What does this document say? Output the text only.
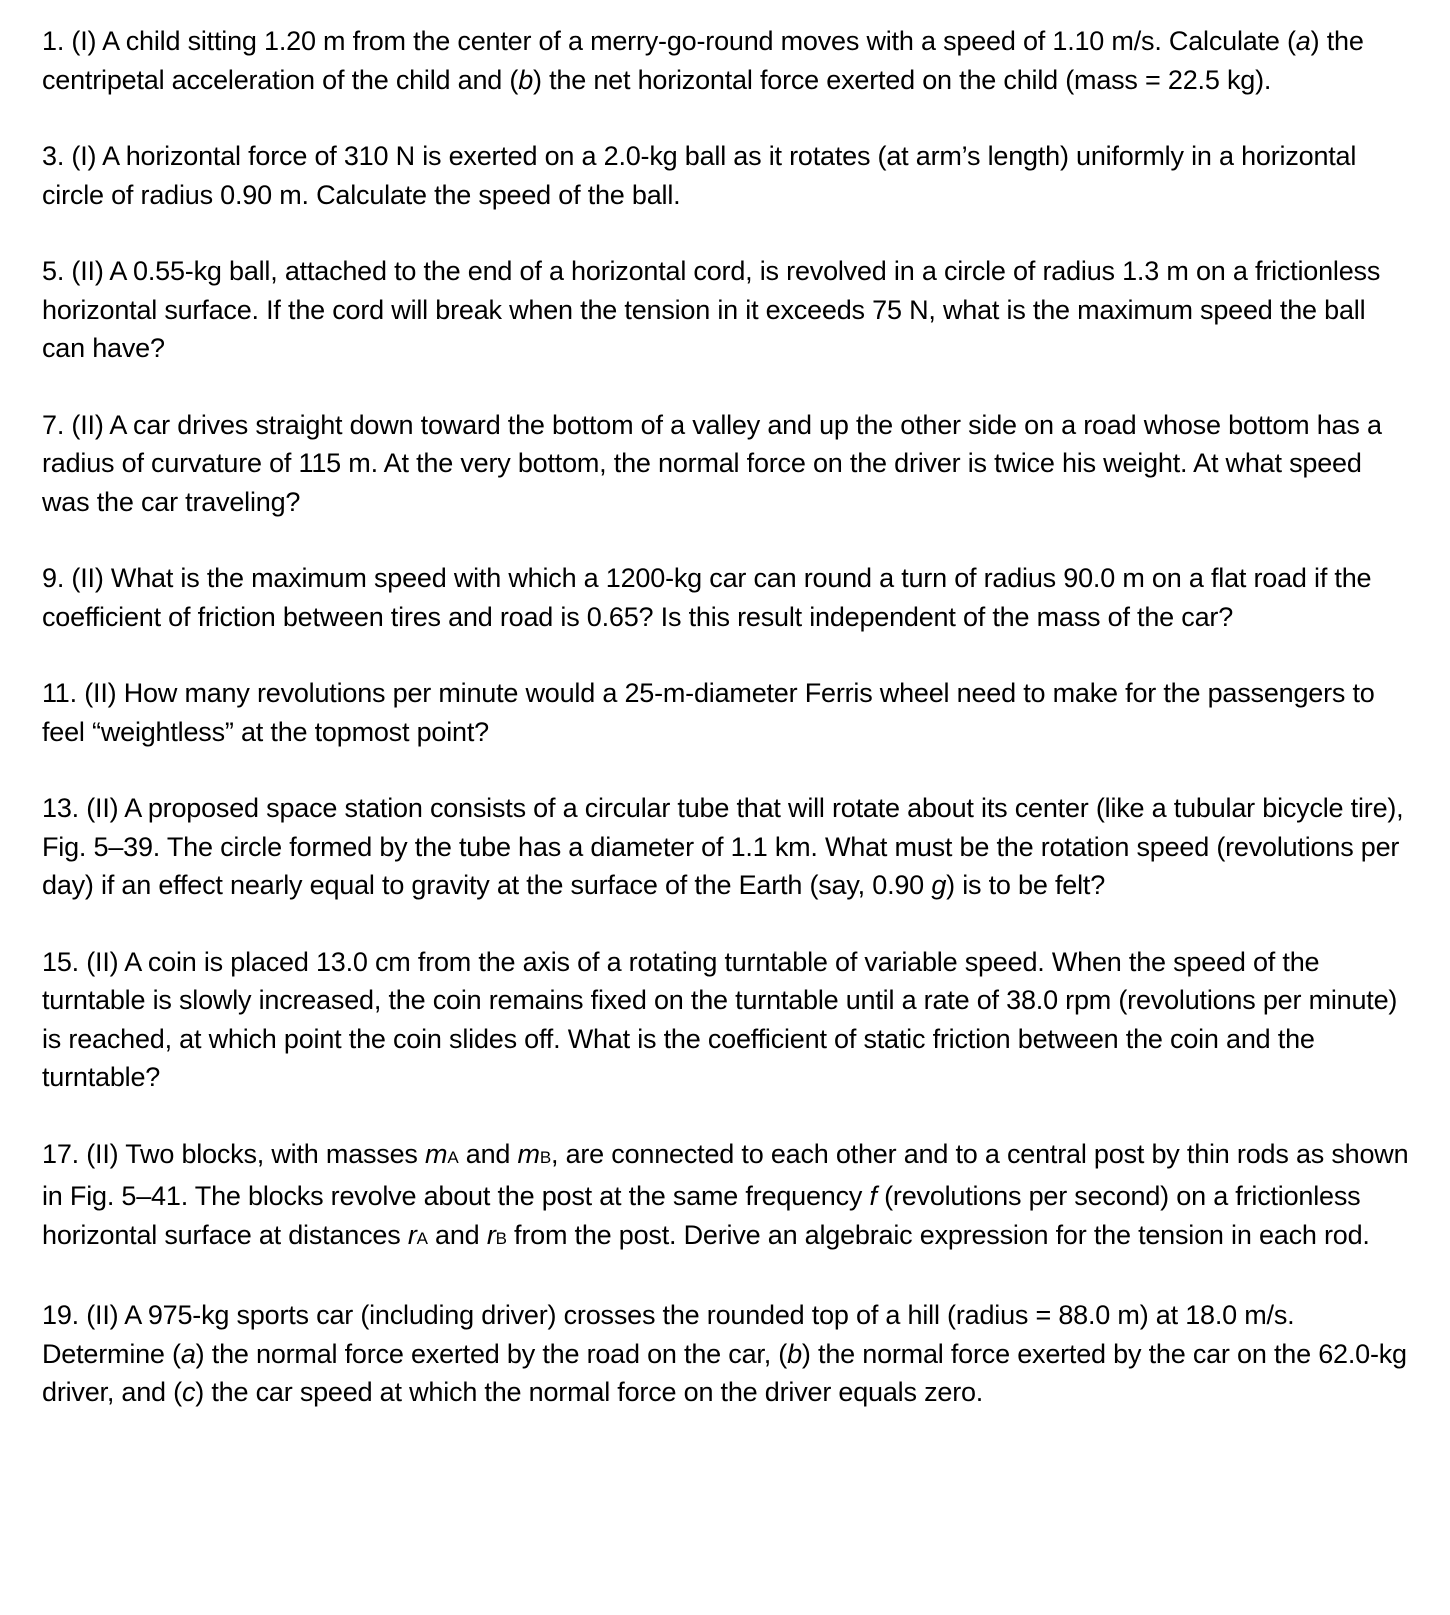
1. (I) A child sitting 1.20 m from the center of a merry-go-round moves with a speed of 1.10 m/s. Calculate (a) the centripetal acceleration of the child and (b) the net horizontal force exerted on the child (mass = 22.5 kg).

3. (I) A horizontal force of 310 N is exerted on a 2.0-kg ball as it rotates (at arm’s length) uniformly in a horizontal circle of radius 0.90 m. Calculate the speed of the ball.

5. (II) A 0.55-kg ball, attached to the end of a horizontal cord, is revolved in a circle of radius 1.3 m on a frictionless horizontal surface. If the cord will break when the tension in it exceeds 75 N, what is the maximum speed the ball can have?

7. (II) A car drives straight down toward the bottom of a valley and up the other side on a road whose bottom has a radius of curvature of 115 m. At the very bottom, the normal force on the driver is twice his weight. At what speed was the car traveling?

9. (II) What is the maximum speed with which a 1200-kg car can round a turn of radius 90.0 m on a flat road if the coefficient of friction between tires and road is 0.65? Is this result independent of the mass of the car?

11. (II) How many revolutions per minute would a 25-m-diameter Ferris wheel need to make for the passengers to feel “weightless” at the topmost point?

13. (II) A proposed space station consists of a circular tube that will rotate about its center (like a tubular bicycle tire), Fig. 5–39. The circle formed by the tube has a diameter of 1.1 km. What must be the rotation speed (revolutions per day) if an effect nearly equal to gravity at the surface of the Earth (say, 0.90 g) is to be felt?

15. (II) A coin is placed 13.0 cm from the axis of a rotating turntable of variable speed. When the speed of the turntable is slowly increased, the coin remains fixed on the turntable until a rate of 38.0 rpm (revolutions per minute) is reached, at which point the coin slides off. What is the coefficient of static friction between the coin and the turntable?

17. (II) Two blocks, with masses mA and mB, are connected to each other and to a central post by thin rods as shown in Fig. 5–41. The blocks revolve about the post at the same frequency f (revolutions per second) on a frictionless horizontal surface at distances rA and rB from the post. Derive an algebraic expression for the tension in each rod.

19. (II) A 975-kg sports car (including driver) crosses the rounded top of a hill (radius = 88.0 m) at 18.0 m/s. Determine (a) the normal force exerted by the road on the car, (b) the normal force exerted by the car on the 62.0-kg driver, and (c) the car speed at which the normal force on the driver equals zero.
